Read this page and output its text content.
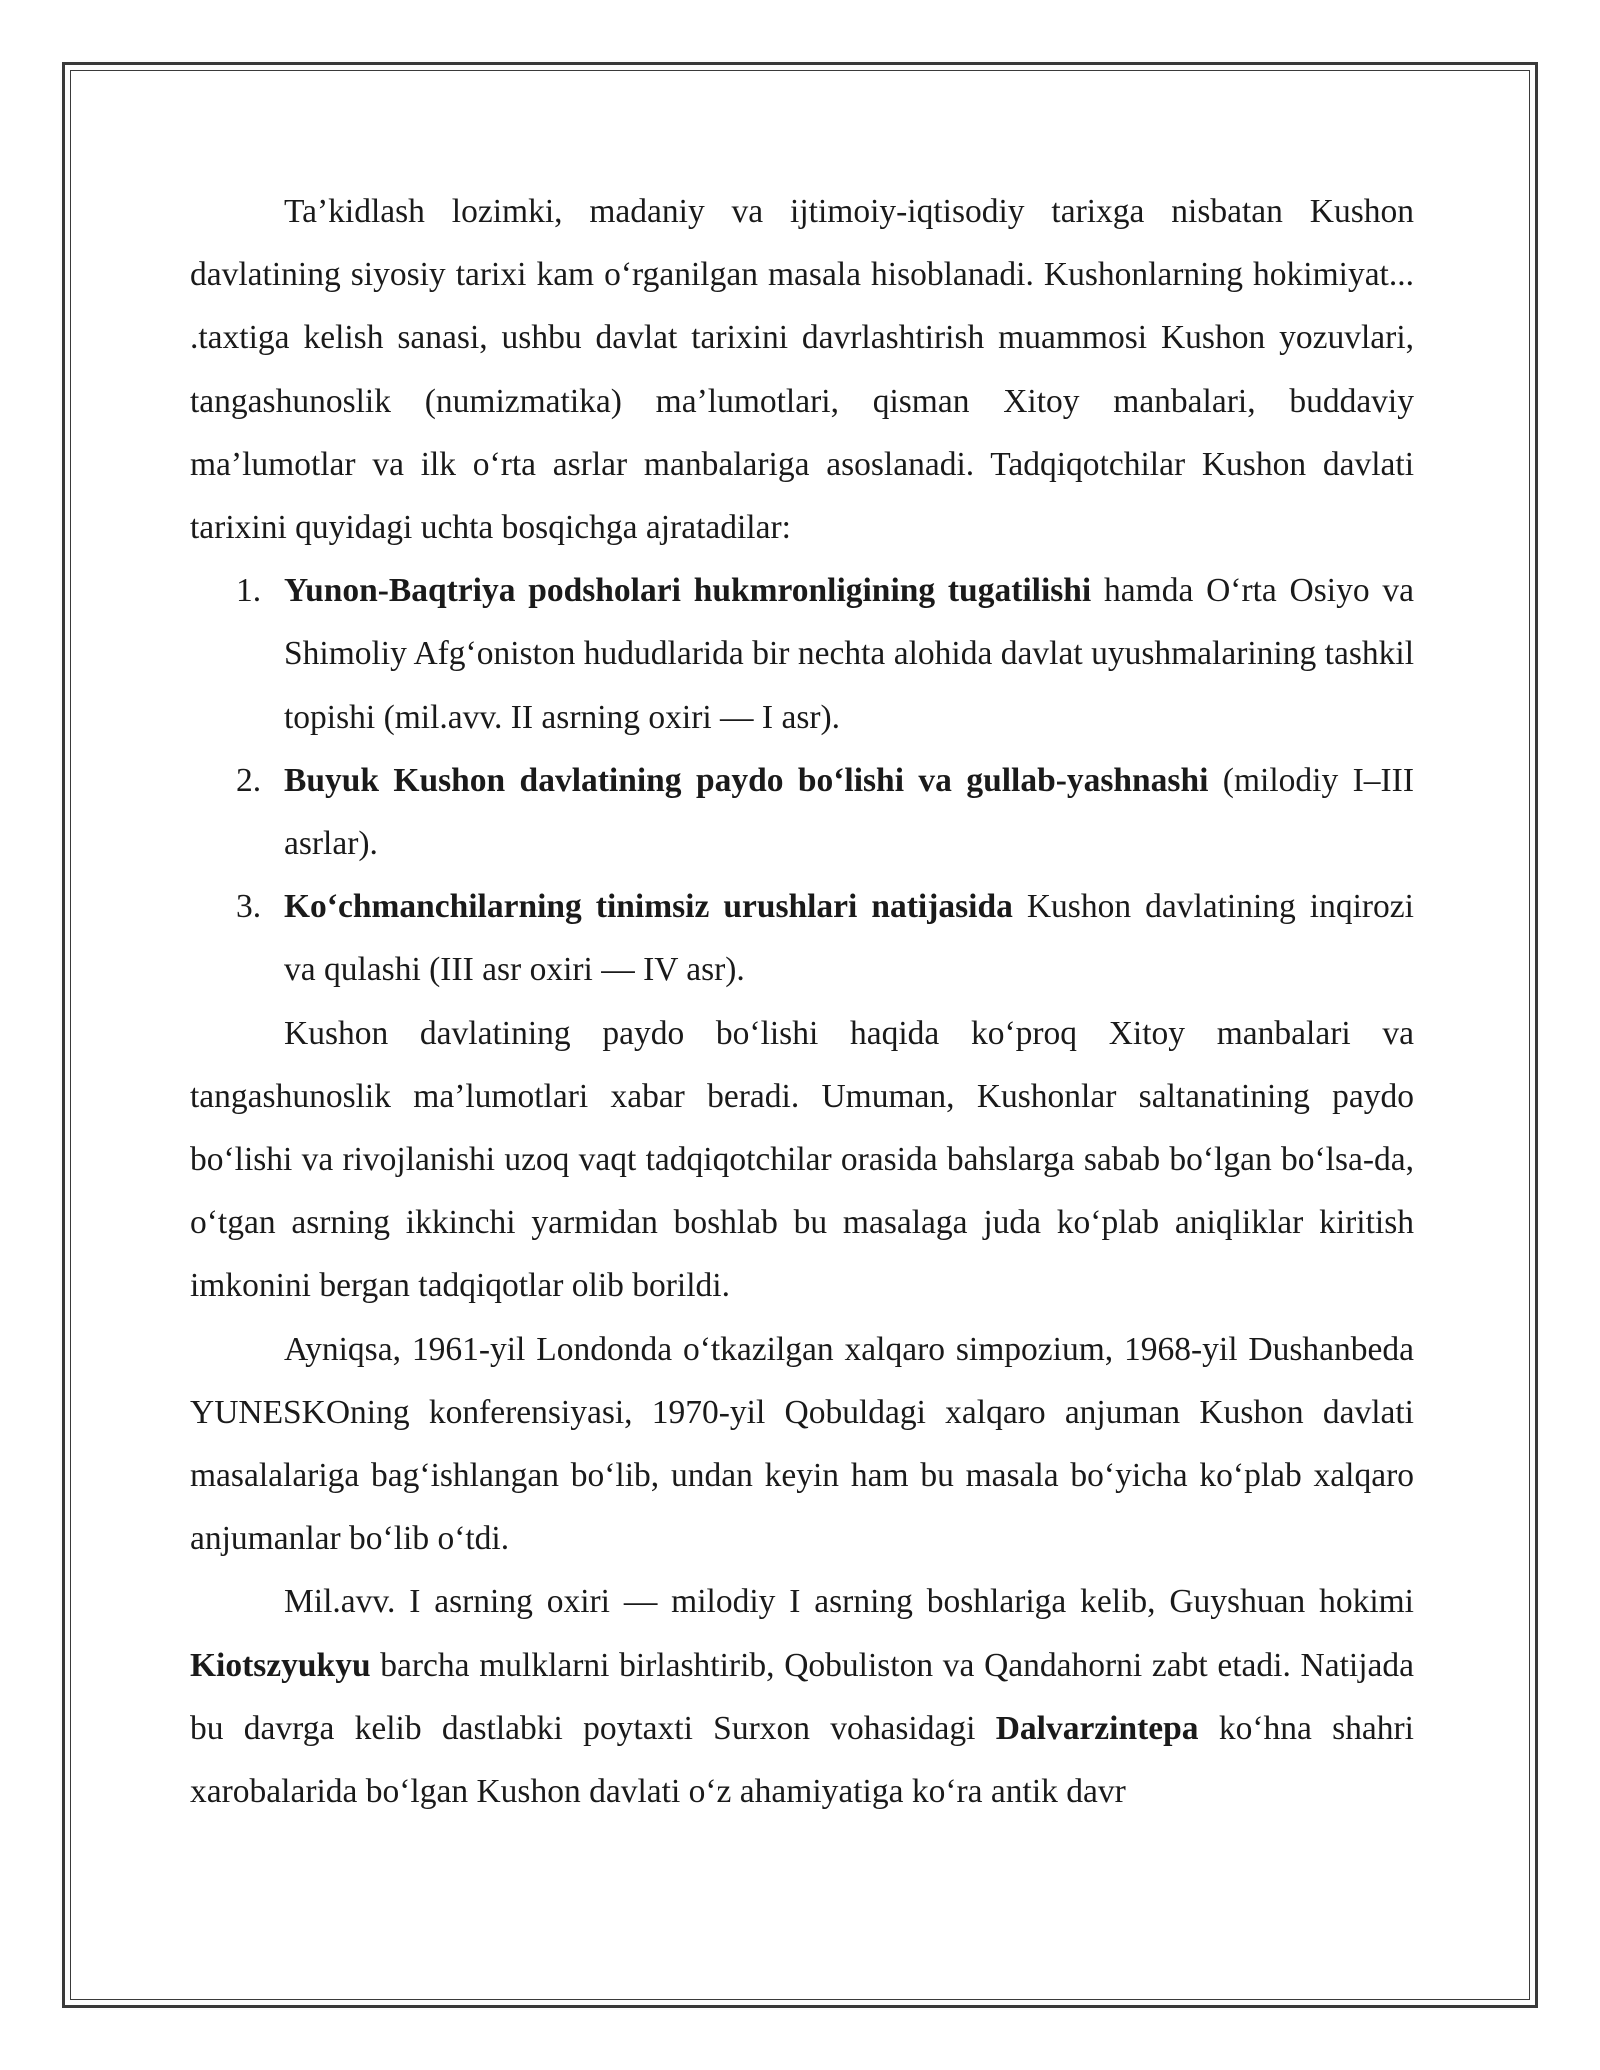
Ta’kidlash lozimki, madaniy va ijtimoiy-iqtisodiy tarixga nisbatan Kushon davlatining siyosiy tarixi kam o‘rganilgan masala hisoblanadi. Kushonlarning hokimiyat... .taxtiga kelish sanasi, ushbu davlat tarixini davrlashtirish muammosi Kushon yozuvlari, tangashunoslik (numizmatika) ma’lumotlari, qisman Xitoy manbalari, buddaviy ma’lumotlar va ilk o‘rta asrlar manbalariga asoslanadi. Tadqiqotchilar Kushon davlati tarixini quyidagi uchta bosqichga ajratadilar:

1. Yunon-Baqtriya podsholari hukmronligining tugatilishi hamda O‘rta Osiyo va Shimoliy Afg‘oniston hududlarida bir nechta alohida davlat uyushmalarining tashkil topishi (mil.avv. II asrning oxiri — I asr).
2. Buyuk Kushon davlatining paydo bo‘lishi va gullab-yashnashi (milodiy I–III asrlar).
3. Ko‘chmanchilarning tinimsiz urushlari natijasida Kushon davlatining inqirozi va qulashi (III asr oxiri — IV asr).

Kushon davlatining paydo bo‘lishi haqida ko‘proq Xitoy manbalari va tangashunoslik ma’lumotlari xabar beradi. Umuman, Kushonlar saltanatining paydo bo‘lishi va rivojlanishi uzoq vaqt tadqiqotchilar orasida bahslarga sabab bo‘lgan bo‘lsa-da, o‘tgan asrning ikkinchi yarmidan boshlab bu masalaga juda ko‘plab aniqliklar kiritish imkonini bergan tadqiqotlar olib borildi.

Ayniqsa, 1961-yil Londonda o‘tkazilgan xalqaro simpozium, 1968-yil Dushanbeda YUNESKOning konferensiyasi, 1970-yil Qobuldagi xalqaro anjuman Kushon davlati masalalariga bag‘ishlangan bo‘lib, undan keyin ham bu masala bo‘yicha ko‘plab xalqaro anjumanlar bo‘lib o‘tdi.

Mil.avv. I asrning oxiri — milodiy I asrning boshlariga kelib, Guyshuan hokimi Kiotszyukyu barcha mulklarni birlashtirib, Qobuliston va Qandahorni zabt etadi. Natijada bu davrga kelib dastlabki poytaxti Surxon vohasidagi Dalvarzintepa ko‘hna shahri xarobalarida bo‘lgan Kushon davlati o‘z ahamiyatiga ko‘ra antik davr
